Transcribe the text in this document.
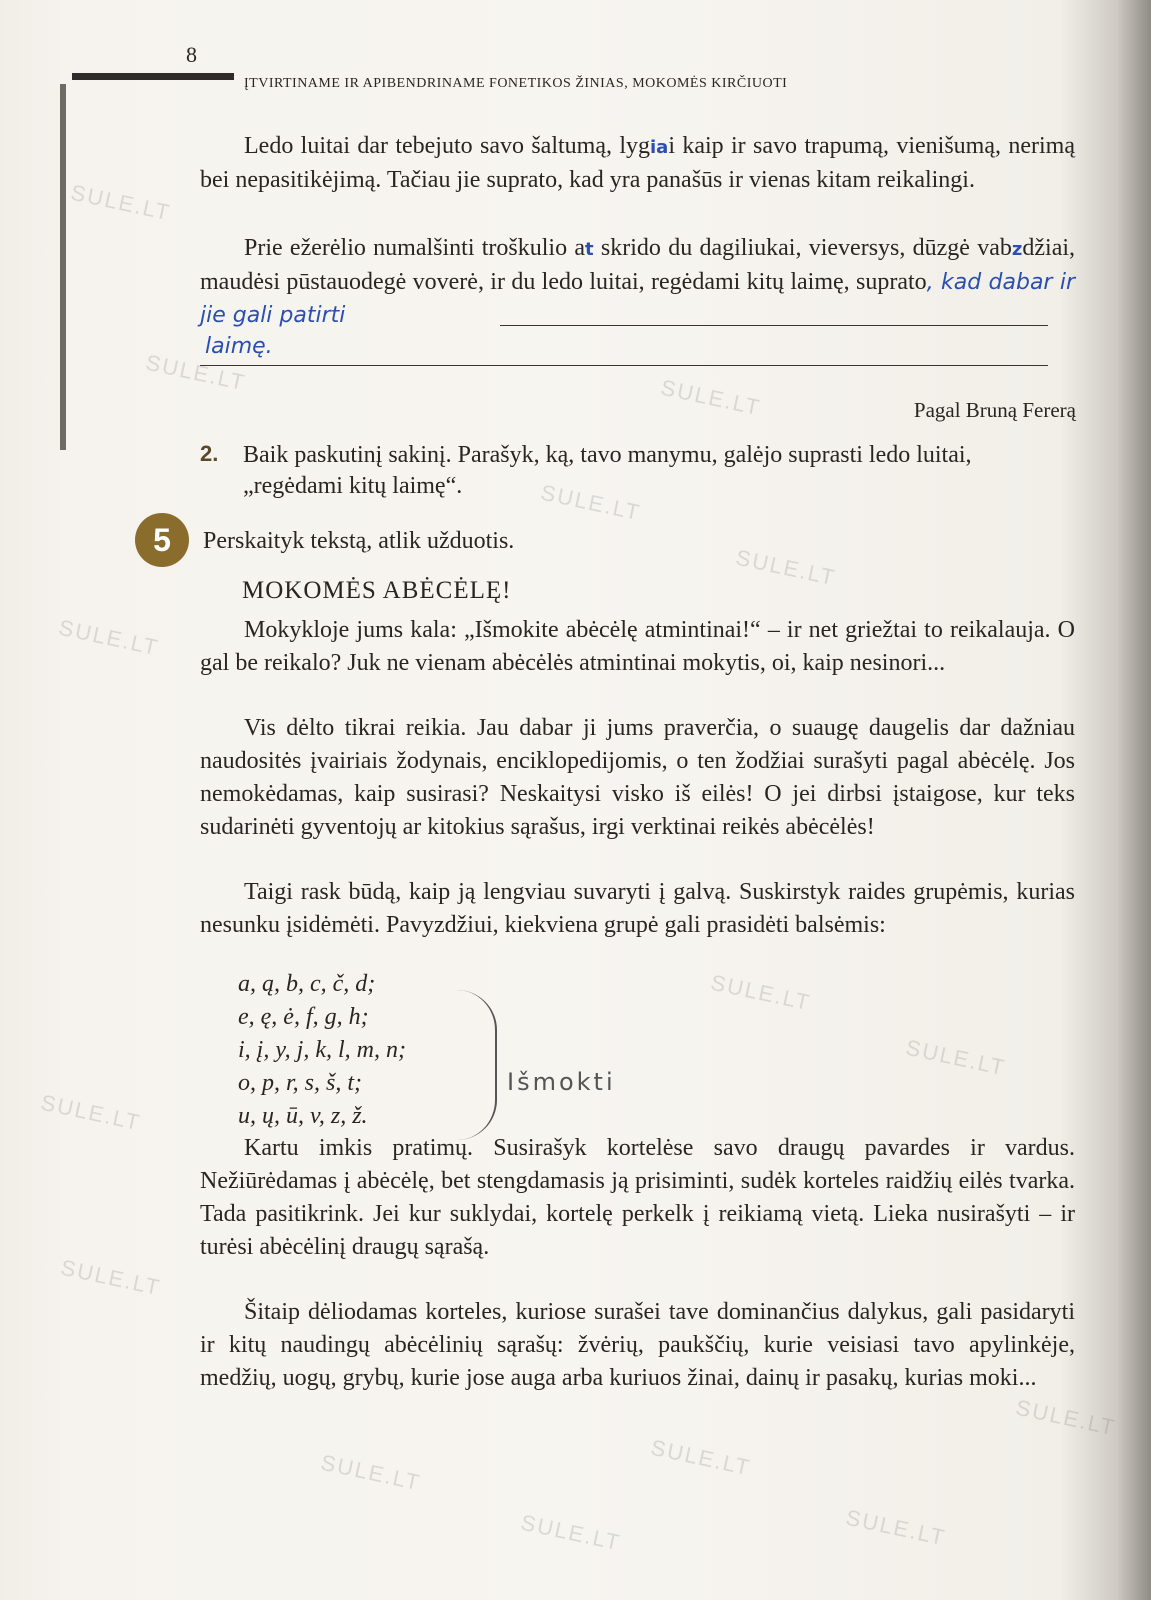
8
ĮTVIRTINAME IR APIBENDRINAME FONETIKOS ŽINIAS, MOKOMĖS KIRČIUOTI
Ledo luitai dar tebejuto savo šaltumą, lygiai kaip ir savo trapumą, vienišumą, nerimą bei nepasitikėjimą. Tačiau jie suprato, kad yra panašūs ir vienas kitam reikalingi.
Prie ežerėlio numalšinti troškulio at skrido du dagiliukai, vieversys, dūzgė vabzdžiai, maudėsi pūstauodegė voverė, ir du ledo luitai, regėdami kitų laimę, suprato, kad dabar ir jie gali patirti
laimę.
Pagal Bruną Fererą
2. Baik paskutinį sakinį. Parašyk, ką, tavo manymu, galėjo suprasti ledo luitai, „regėdami kitų laimę“.
5	Perskaityk tekstą, atlik užduotis.
MOKOMĖS ABĖCĖLĘ!
Mokykloje jums kala: „Išmokite abėcėlę atmintinai!“ – ir net griežtai to reikalauja. O gal be reikalo? Juk ne vienam abėcėlės atmintinai mokytis, oi, kaip nesinori...
Vis dėlto tikrai reikia. Jau dabar ji jums praverčia, o suaugę daugelis dar dažniau naudositės įvairiais žodynais, enciklopedijomis, o ten žodžiai surašyti pagal abėcėlę. Jos nemokėdamas, kaip susirasi? Neskaitysi visko iš eilės! O jei dirbsi įstaigose, kur teks sudarinėti gyventojų ar kitokius sąrašus, irgi verktinai reikės abėcėlės!
Taigi rask būdą, kaip ją lengviau suvaryti į galvą. Suskirstyk raides grupėmis, kurias nesunku įsidėmėti. Pavyzdžiui, kiekviena grupė gali prasidėti balsėmis:
a, ą, b, c, č, d;
e, ę, ė, f, g, h;
i, į, y, j, k, l, m, n;
o, p, r, s, š, t;
u, ų, ū, v, z, ž.
Išmokti
Kartu imkis pratimų. Susirašyk kortelėse savo draugų pavardes ir vardus. Nežiūrėdamas į abėcėlę, bet stengdamasis ją prisiminti, sudėk korteles raidžių eilės tvarka. Tada pasitikrink. Jei kur suklydai, kortelę perkelk į reikiamą vietą. Lieka nusirašyti – ir turėsi abėcėlinį draugų sąrašą.
Šitaip dėliodamas korteles, kuriose surašei tave dominančius dalykus, gali pasidaryti ir kitų naudingų abėcėlinių sąrašų: žvėrių, paukščių, kurie veisiasi tavo apylinkėje, medžių, uogų, grybų, kurie jose auga arba kuriuos žinai, dainų ir pasakų, kurias moki...
SULE.LT
SULE.LT
SULE.LT
SULE.LT
SULE.LT
SULE.LT
SULE.LT
SULE.LT
SULE.LT
SULE.LT
SULE.LT	SULE.LT
SULE.LT	SULE.LT
SULE.LT
